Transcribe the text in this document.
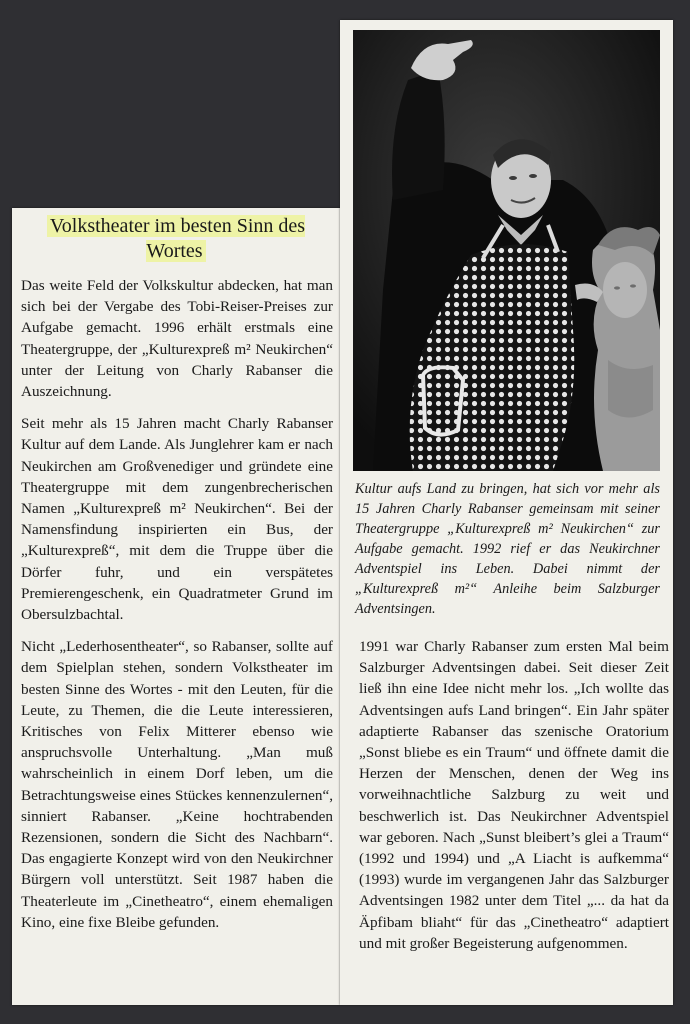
Volkstheater im besten Sinn des Wortes

Das weite Feld der Volkskultur abdecken, hat man sich bei der Vergabe des Tobi-Reiser-Preises zur Aufgabe gemacht. 1996 erhält erstmals eine Theatergruppe, der „Kulturexpreß m² Neukirchen“ unter der Leitung von Charly Rabanser die Auszeichnung.

Seit mehr als 15 Jahren macht Charly Rabanser Kultur auf dem Lande. Als Junglehrer kam er nach Neukirchen am Großvenediger und gründete eine Theatergruppe mit dem zungenbrecherischen Namen „Kulturexpreß m² Neukirchen“. Bei der Namensfindung inspirierten ein Bus, der „Kulturexpreß“, mit dem die Truppe über die Dörfer fuhr, und ein verspätetes Premierengeschenk, ein Quadratmeter Grund im Obersulzbachtal.

Nicht „Lederhosentheater“, so Rabanser, sollte auf dem Spielplan stehen, sondern Volkstheater im besten Sinne des Wortes - mit den Leuten, für die Leute, zu Themen, die die Leute interessieren, Kritisches von Felix Mitterer ebenso wie anspruchsvolle Unterhaltung. „Man muß wahrscheinlich in einem Dorf leben, um die Betrachtungsweise eines Stückes kennenzulernen“, sinniert Rabanser. „Keine hochtrabenden Rezensionen, sondern die Sicht des Nachbarn“. Das engagierte Konzept wird von den Neukirchner Bürgern voll unterstützt. Seit 1987 haben die Theaterleute im „Cinetheatro“, einem ehemaligen Kino, eine fixe Bleibe gefunden.

Kultur aufs Land zu bringen, hat sich vor mehr als 15 Jahren Charly Rabanser gemeinsam mit seiner Theatergruppe „Kulturexpreß m² Neukirchen“ zur Aufgabe gemacht. 1992 rief er das Neukirchner Adventspiel ins Leben. Dabei nimmt der „Kulturexpreß m²“ Anleihe beim Salzburger Adventsingen.

1991 war Charly Rabanser zum ersten Mal beim Salzburger Adventsingen dabei. Seit dieser Zeit ließ ihn eine Idee nicht mehr los. „Ich wollte das Adventsingen aufs Land bringen“. Ein Jahr später adaptierte Rabanser das szenische Oratorium „Sonst bliebe es ein Traum“ und öffnete damit die Herzen der Menschen, denen der Weg ins vorweihnachtliche Salzburg zu weit und beschwerlich ist. Das Neukirchner Adventspiel war geboren. Nach „Sunst bleibert’s glei a Traum“ (1992 und 1994) und „A Liacht is aufkemma“ (1993) wurde im vergangenen Jahr das Salzburger Adventsingen 1982 unter dem Titel „... da hat da Äpfibam bliaht“ für das „Cinetheatro“ adaptiert und mit großer Begeisterung aufgenommen.
